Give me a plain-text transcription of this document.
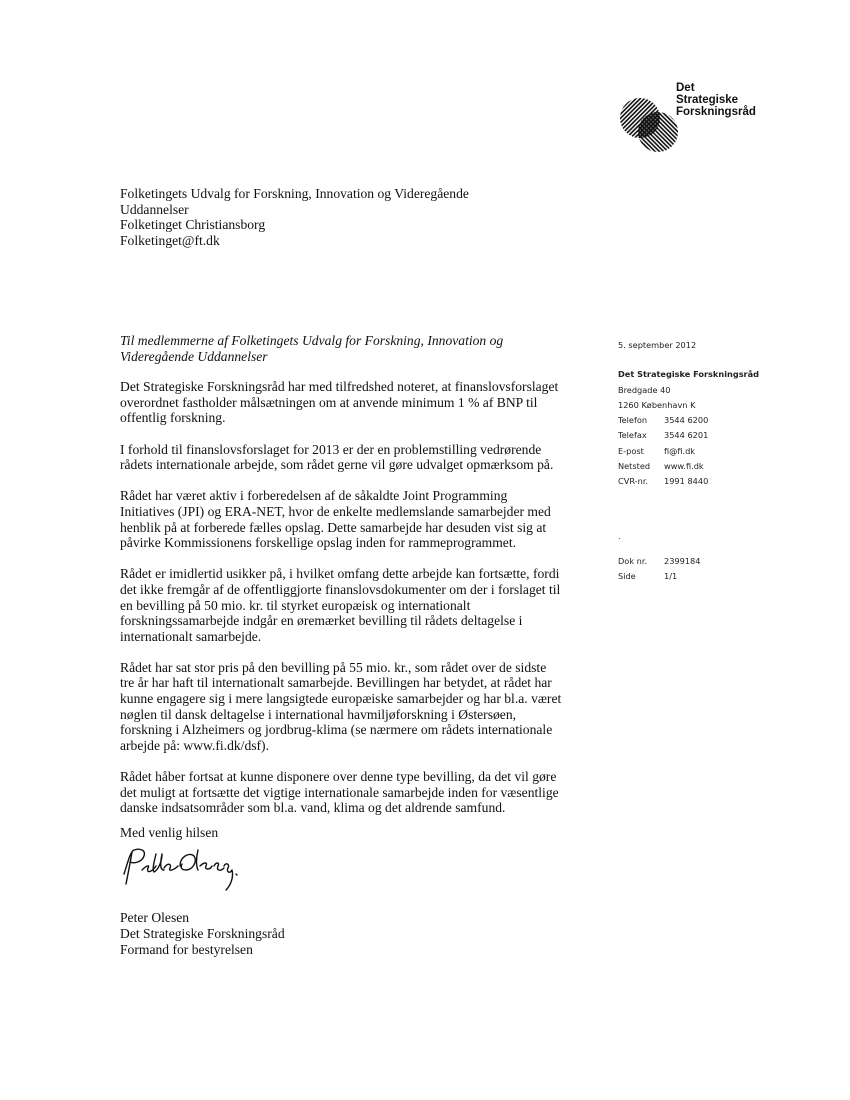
Det
Strategiske
Forskningsråd
Folketingets Udvalg for Forskning, Innovation og Videregående
Uddannelser
Folketinget Christiansborg
Folketinget@ft.dk
Til medlemmerne af Folketingets Udvalg for Forskning, Innovation og
Videregående Uddannelser

Det Strategiske Forskningsråd har med tilfredshed noteret, at finanslovsforslaget
overordnet fastholder målsætningen om at anvende minimum 1 % af BNP til
offentlig forskning.

I forhold til finanslovsforslaget for 2013 er der en problemstilling vedrørende
rådets internationale arbejde, som rådet gerne vil gøre udvalget opmærksom på.

Rådet har været aktiv i forberedelsen af de såkaldte Joint Programming
Initiatives (JPI) og ERA-NET, hvor de enkelte medlemslande samarbejder med
henblik på at forberede fælles opslag. Dette samarbejde har desuden vist sig at
påvirke Kommissionens forskellige opslag inden for rammeprogrammet.

Rådet er imidlertid usikker på, i hvilket omfang dette arbejde kan fortsætte, fordi
det ikke fremgår af de offentliggjorte finanslovsdokumenter om der i forslaget til
en bevilling på 50 mio. kr. til styrket europæisk og internationalt
forskningssamarbejde indgår en øremærket bevilling til rådets deltagelse i
internationalt samarbejde.

Rådet har sat stor pris på den bevilling på 55 mio. kr., som rådet over de sidste
tre år har haft til internationalt samarbejde. Bevillingen har betydet, at rådet har
kunne engagere sig i mere langsigtede europæiske samarbejder og har bl.a. været
nøglen til dansk deltagelse i international havmiljøforskning i Østersøen,
forskning i Alzheimers og jordbrug-klima (se nærmere om rådets internationale
arbejde på: www.fi.dk/dsf).

Rådet håber fortsat at kunne disponere over denne type bevilling, da det vil gøre
det muligt at fortsætte det vigtige internationale samarbejde inden for væsentlige
danske indsatsområder som bl.a. vand, klima og det aldrende samfund.

Med venlig hilsen
Peter Olesen
Det Strategiske Forskningsråd
Formand for bestyrelsen
5. september 2012
Det Strategiske Forskningsråd
Bredgade 40
1260 København K
Telefon 3544 6200
Telefax 3544 6201
E-post fi@fi.dk
Netsted www.fi.dk
CVR-nr. 1991 8440
.
Dok nr. 2399184
Side	1/1
